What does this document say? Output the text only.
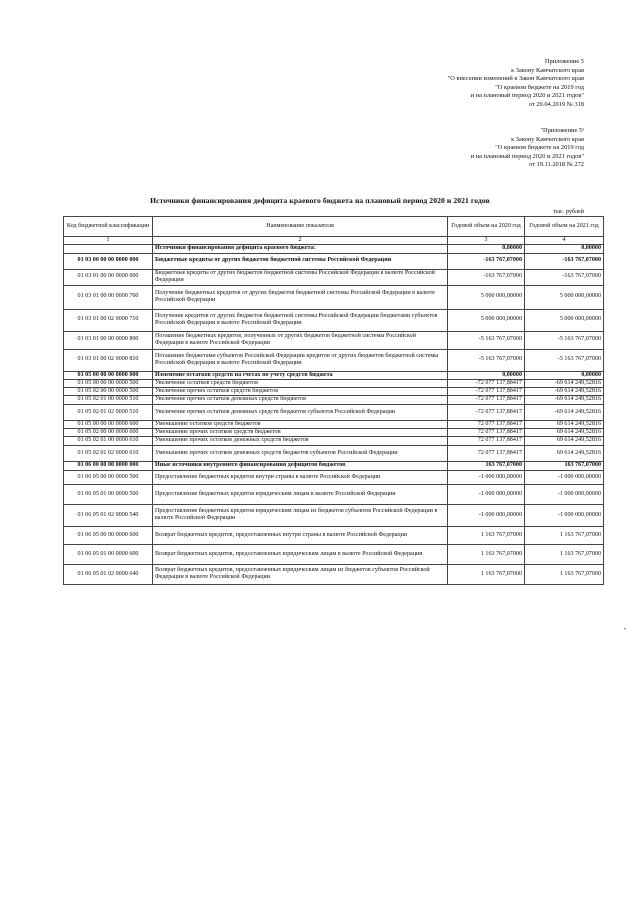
Приложение 5
к Закону Камчатского края
"О внесении изменений в Закон Камчатского края
"О краевом бюджете на 2019 год
и на плановый период 2020 и 2021 годов"
от 29.04.2019 № 318
"Приложение 5¹
к Закону Камчатского края
"О краевом бюджете на 2019 год
и на плановый период 2020 и 2021 годов"
от 19.11.2018 № 272
Источники финансирования дефицита краевого бюджета на плановый период 2020 и 2021 годов
тыс. рублей
Код бюджетной классификации	Наименование показателя	Годовой объем на 2020 год	Годовой объем на 2021 год
1	2	3	4
	Источники финансирования дефицита краевого бюджета:	0,00000	0,00000
01 03 00 00 00 0000 000	Бюджетные кредиты от других бюджетов бюджетной системы Российской Федерации	-163 767,07000	-163 767,07000
01 03 01 00 00 0000 000	Бюджетные кредиты от других бюджетов бюджетной системы Российской Федерации в валюте Российской Федерации	-163 767,07000	-163 767,07000
01 03 01 00 00 0000 700	Получение бюджетных кредитов от других бюджетов бюджетной системы Российской Федерации в валюте Российской Федерации	5 000 000,00000	5 000 000,00000
01 03 01 00 02 0000 710	Получение кредитов от других бюджетов бюджетной системы Российской Федерации бюджетами субъектов Российской Федерации в валюте Российской Федерации	5 000 000,00000	5 000 000,00000
01 03 01 00 00 0000 800	Погашение бюджетных кредитов, полученных от других бюджетов бюджетной системы Российской Федерации в валюте Российской Федерации	-5 163 767,07000	-5 163 767,07000
01 03 01 00 02 0000 810	Погашение бюджетами субъектов Российской Федерации кредитов от других бюджетов бюджетной системы Российской Федерации в валюте Российской Федерации	-5 163 767,07000	-5 163 767,07000
01 05 00 00 00 0000 000	Изменение остатков средств на счетах по учету средств бюджета	0,00000	0,00000
01 05 00 00 00 0000 500	Увеличение остатков средств бюджетов	-72 077 137,88417	-69 614 249,52816
01 05 02 00 00 0000 500	Увеличение прочих остатков средств бюджетов	-72 077 137,88417	-69 614 249,52816
01 05 02 01 00 0000 510	Увеличение прочих остатков денежных средств бюджетов	-72 077 137,88417	-69 614 249,52816
01 05 02 01 02 0000 510	Увеличение прочих остатков денежных средств бюджетов субъектов Российской Федерации	-72 077 137,88417	-69 614 249,52816
01 05 00 00 00 0000 600	Уменьшение остатков средств бюджетов	72 077 137,88417	69 614 249,52816
01 05 02 00 00 0000 600	Уменьшение прочих остатков средств бюджетов	72 077 137,88417	69 614 249,52816
01 05 02 01 00 0000 610	Уменьшение прочих остатков денежных средств бюджетов	72 077 137,88417	69 614 249,52816
01 05 02 01 02 0000 610	Уменьшение прочих остатков денежных средств бюджетов субъектов Российской Федерации	72 077 137,88417	69 614 249,52816
01 06 00 00 00 0000 000	Иные источники внутреннего финансирования дефицитов бюджетов	163 767,07000	163 767,07000
01 06 05 00 00 0000 500	Предоставление бюджетных кредитов внутри страны в валюте Российской Федерации	-1 000 000,00000	-1 000 000,00000
01 06 05 01 00 0000 500	Предоставление бюджетных кредитов юридическим лицам в валюте Российской Федерации	-1 000 000,00000	-1 000 000,00000
01 06 05 01 02 0000 540	Предоставление бюджетных кредитов юридическим лицам из бюджетов субъектов Российской Федерации в валюте Российской Федерации	-1 000 000,00000	-1 000 000,00000
01 06 05 00 00 0000 600	Возврат бюджетных кредитов, предоставленных внутри страны в валюте Российской Федерации	1 163 767,07000	1 163 767,07000
01 06 05 01 00 0000 600	Возврат бюджетных кредитов, предоставленных юридическим лицам в валюте Российской Федерации	1 163 767,07000	1 163 767,07000
01 06 05 01 02 0000 640	Возврат бюджетных кредитов, предоставленных юридическим лицам из бюджетов субъектов Российской Федерации в валюте Российской Федерации	1 163 767,07000	1 163 767,07000
"
